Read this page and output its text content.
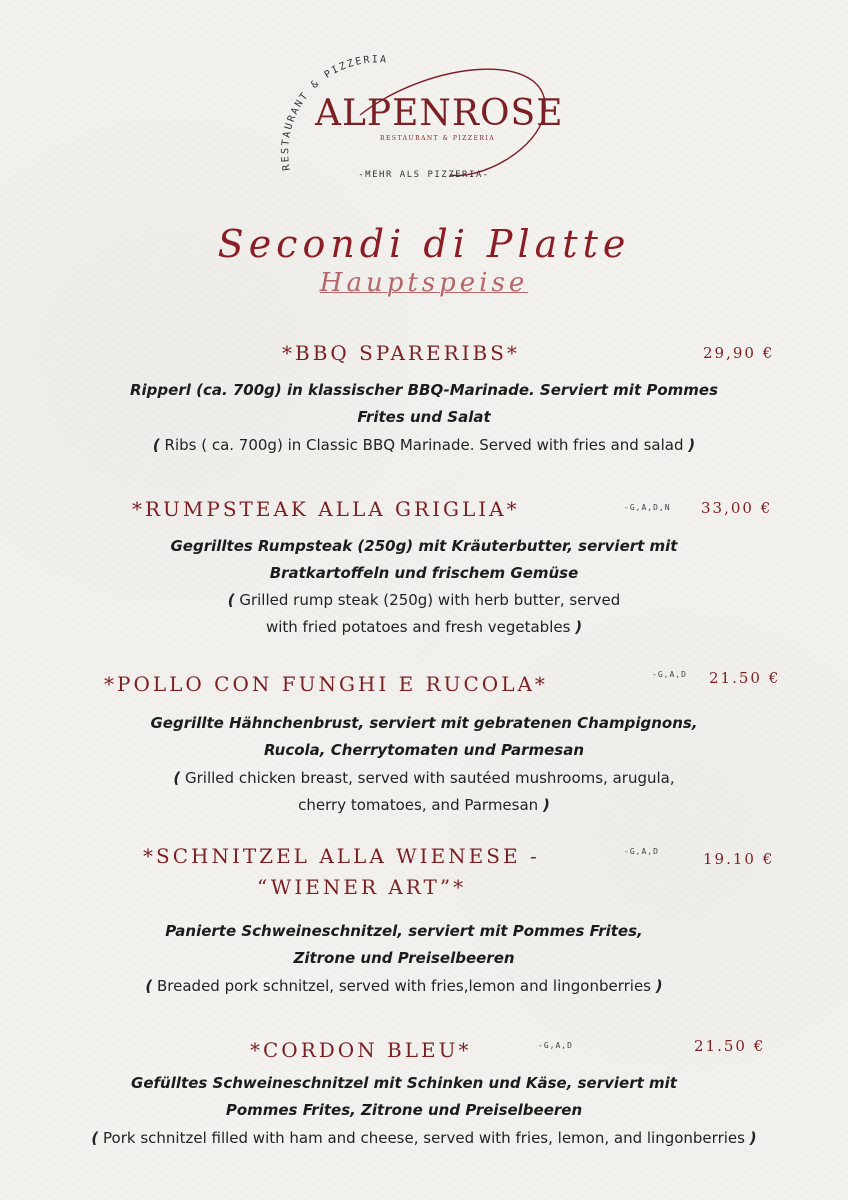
RESTAURANT & PIZZERIA
ALPENROSE
RESTAURANT & PIZZERIA
-MEHR ALS PIZZERIA-
Secondi di Platte
Hauptspeise
*BBQ SPARERIBS*	29,90 €
Ripperl (ca. 700g) in klassischer BBQ-Marinade. Serviert mit Pommes
Frites und Salat
( Ribs ( ca. 700g) in Classic BBQ Marinade. Served with fries and salad )
*RUMPSTEAK ALLA GRIGLIA*	-G,A,D,N 33,00 €
Gegrilltes Rumpsteak (250g) mit Kräuterbutter, serviert mit
Bratkartoffeln und frischem Gemüse
( Grilled rump steak (250g) with herb butter, served
with fried potatoes and fresh vegetables )
*POLLO CON FUNGHI E RUCOLA*	-G,A,D 21.50 €
Gegrillte Hähnchenbrust, serviert mit gebratenen Champignons,
Rucola, Cherrytomaten und Parmesan
( Grilled chicken breast, served with sautéed mushrooms, arugula,
cherry tomatoes, and Parmesan )
*SCHNITZEL ALLA WIENESE -	-G,A,D	19.10 €
“WIENER ART”*
Panierte Schweineschnitzel, serviert mit Pommes Frites,
Zitrone und Preiselbeeren
( Breaded pork schnitzel, served with fries,lemon and lingonberries )
*CORDON BLEU*	-G,A,D	21.50 €
Gefülltes Schweineschnitzel mit Schinken und Käse, serviert mit
Pommes Frites, Zitrone und Preiselbeeren
( Pork schnitzel filled with ham and cheese, served with fries, lemon, and lingonberries )
